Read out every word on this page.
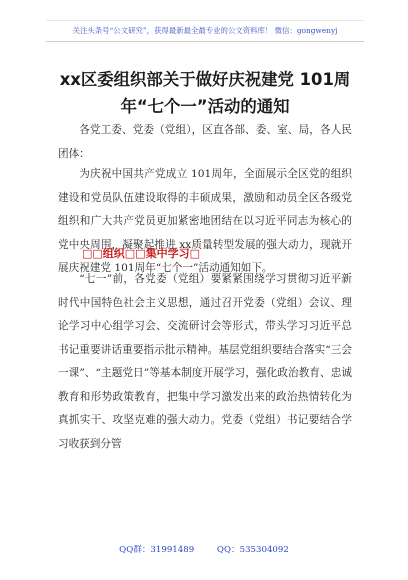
关注头条号“公文研究”，获得最新最全最专业的公文资料库！ 微信：gongwenyj
xx区委组织部关于做好庆祝建党 101周
年“七个一”活动的通知
各党工委、党委（党组），区直各部、委、室、局，各人民团体：
为庆祝中国共产党成立 101周年，全面展示全区党的组织建设和党员队伍建设取得的丰硕成果，激励和动员全区各级党组织和广大共产党员更加紧密地团结在以习近平同志为核心的党中央周围，凝聚起推进 xx质量转型发展的强大动力，现就开展庆祝建党 101周年“七个一”活动通知如下。
□□组织□□集中学习□
“七一”前，各党委（党组）要紧紧围绕学习贯彻习近平新时代中国特色社会主义思想，通过召开党委（党组）会议、理论学习中心组学习会、交流研讨会等形式，带头学习习近平总书记重要讲话重要指示批示精神。基层党组织要结合落实“三会一课”、“主题党日”等基本制度开展学习，强化政治教育、忠诚教育和形势政策教育，把集中学习激发出来的政治热情转化为真抓实干、攻坚克难的强大动力。党委（党组）书记要结合学习收获到分管
QQ群：31991489	QQ：535304092
